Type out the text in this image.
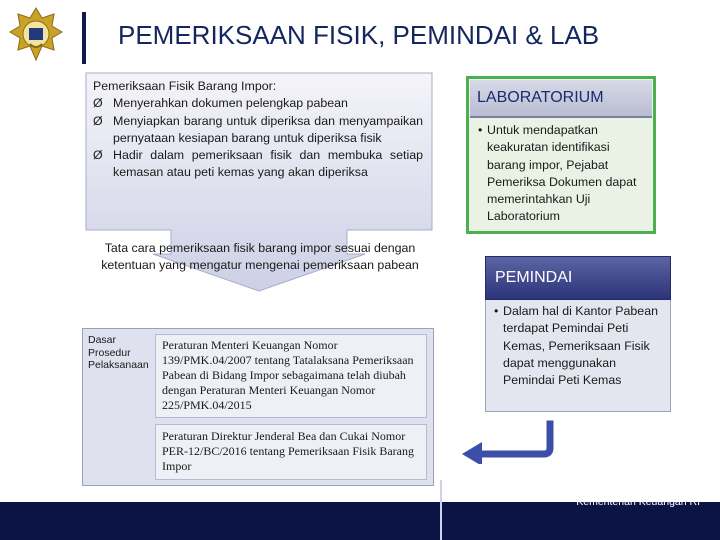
PEMERIKSAAN FISIK, PEMINDAI & LAB
Pemeriksaan Fisik Barang Impor:
Ø Menyerahkan dokumen pelengkap pabean
Ø Menyiapkan barang untuk diperiksa dan menyampaikan pernyataan kesiapan barang untuk diperiksa fisik
Ø Hadir dalam pemeriksaan fisik dan membuka setiap kemasan atau peti kemas yang akan diperiksa
Tata cara pemeriksaan fisik barang impor sesuai dengan ketentuan yang mengatur mengenai pemeriksaan pabean
Dasar Prosedur Pelaksanaan
Peraturan Menteri Keuangan Nomor 139/PMK.04/2007 tentang Tatalaksana Pemeriksaan Pabean di Bidang Impor sebagaimana telah diubah dengan Peraturan Menteri Keuangan Nomor 225/PMK.04/2015
Peraturan Direktur Jenderal Bea dan Cukai Nomor PER-12/BC/2016 tentang Pemeriksaan Fisik Barang Impor
LABORATORIUM
• Untuk mendapatkan keakuratan identifikasi barang impor, Pejabat Pemeriksa Dokumen dapat memerintahkan Uji Laboratorium
PEMINDAI
• Dalam hal di Kantor Pabean terdapat Pemindai Peti Kemas, Pemeriksaan Fisik dapat menggunakan Pemindai Peti Kemas
14	Direktorat Jenderal Bea dan Cukai
Kementerian Keuangan RI
